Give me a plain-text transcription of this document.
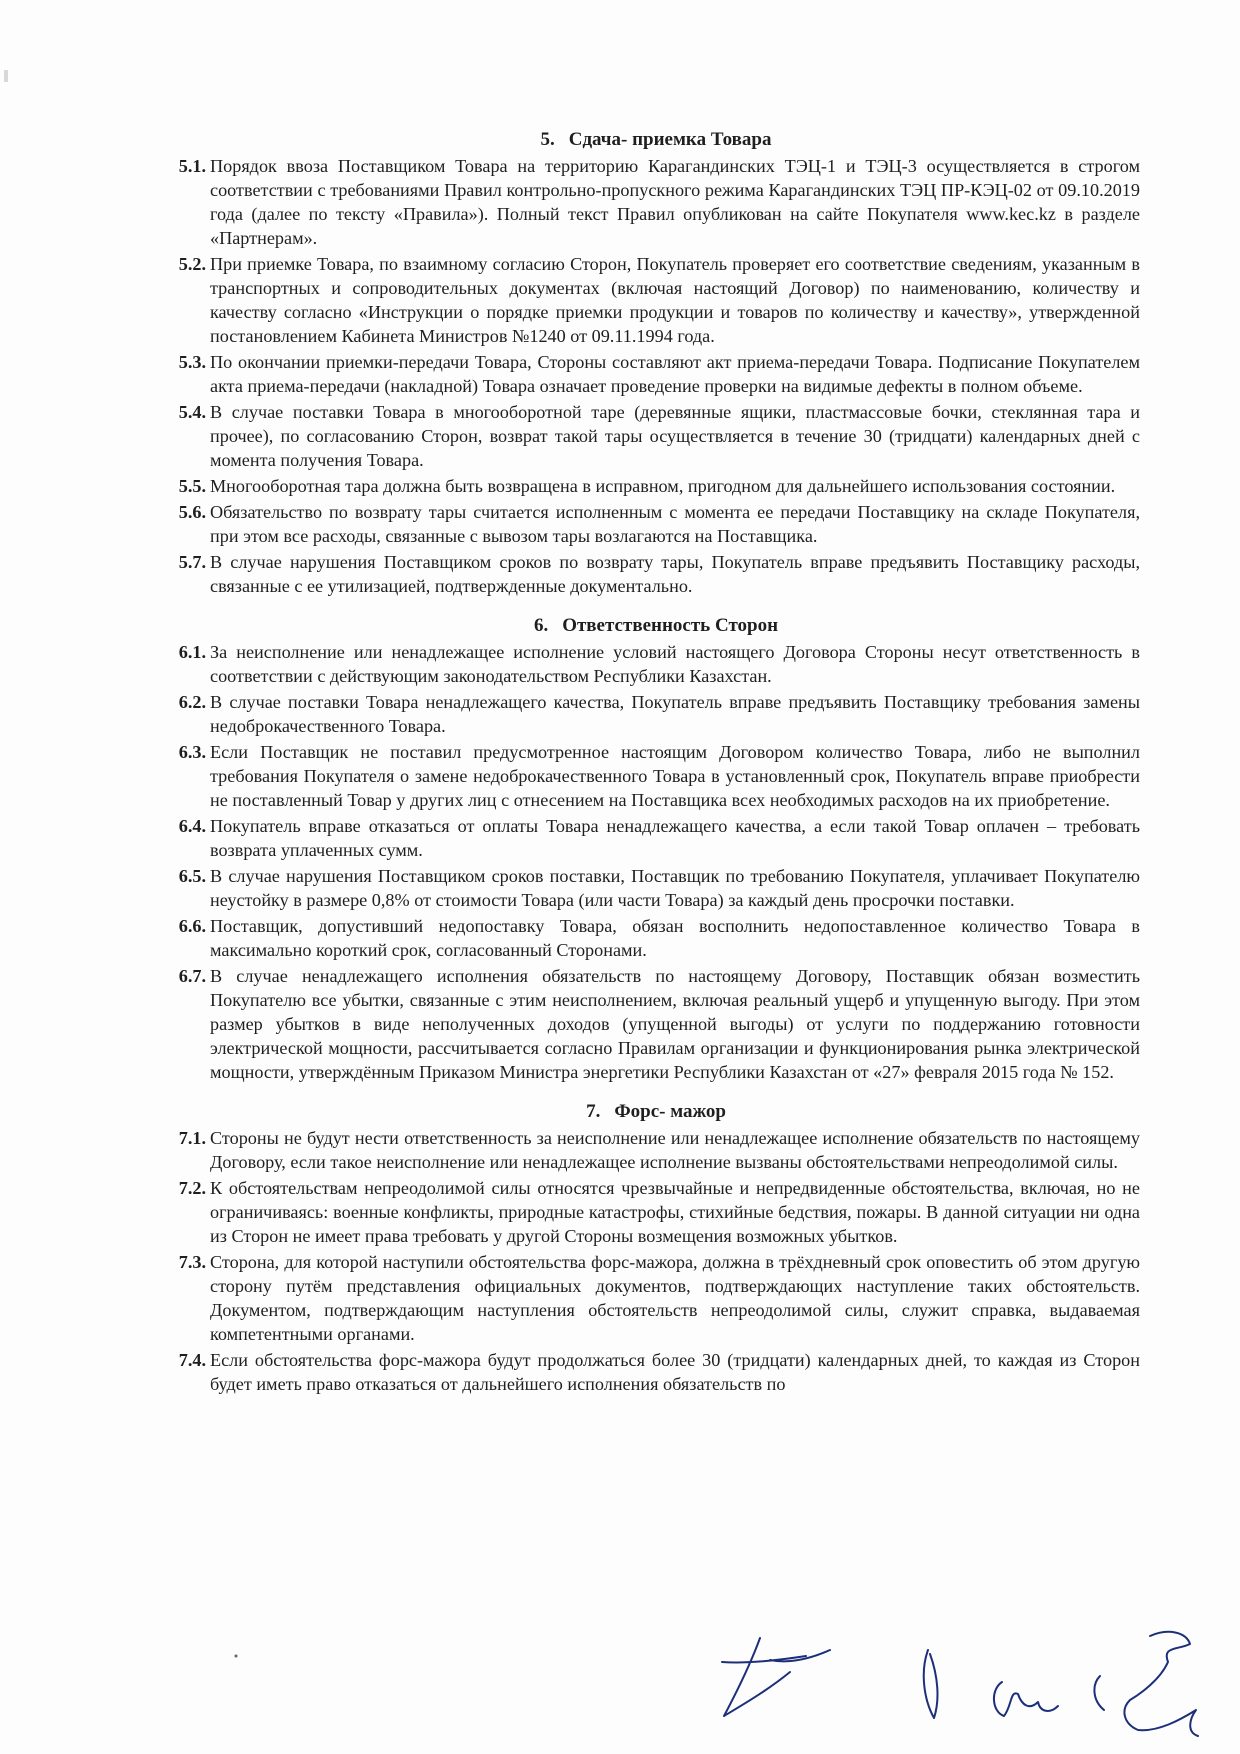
5. Сдача- приемка Товара
5.1. Порядок ввоза Поставщиком Товара на территорию Карагандинских ТЭЦ-1 и ТЭЦ-3 осуществляется в строгом соответствии с требованиями Правил контрольно-пропускного режима Карагандинских ТЭЦ ПР-КЭЦ-02 от 09.10.2019 года (далее по тексту «Правила»). Полный текст Правил опубликован на сайте Покупателя www.kec.kz в разделе «Партнерам».
5.2. При приемке Товара, по взаимному согласию Сторон, Покупатель проверяет его соответствие сведениям, указанным в транспортных и сопроводительных документах (включая настоящий Договор) по наименованию, количеству и качеству согласно «Инструкции о порядке приемки продукции и товаров по количеству и качеству», утвержденной постановлением Кабинета Министров №1240 от 09.11.1994 года.
5.3. По окончании приемки-передачи Товара, Стороны составляют акт приема-передачи Товара. Подписание Покупателем акта приема-передачи (накладной) Товара означает проведение проверки на видимые дефекты в полном объеме.
5.4. В случае поставки Товара в многооборотной таре (деревянные ящики, пластмассовые бочки, стеклянная тара и прочее), по согласованию Сторон, возврат такой тары осуществляется в течение 30 (тридцати) календарных дней с момента получения Товара.
5.5. Многооборотная тара должна быть возвращена в исправном, пригодном для дальнейшего использования состоянии.
5.6. Обязательство по возврату тары считается исполненным с момента ее передачи Поставщику на складе Покупателя, при этом все расходы, связанные с вывозом тары возлагаются на Поставщика.
5.7. В случае нарушения Поставщиком сроков по возврату тары, Покупатель вправе предъявить Поставщику расходы, связанные с ее утилизацией, подтвержденные документально.
6. Ответственность Сторон
6.1. За неисполнение или ненадлежащее исполнение условий настоящего Договора Стороны несут ответственность в соответствии с действующим законодательством Республики Казахстан.
6.2. В случае поставки Товара ненадлежащего качества, Покупатель вправе предъявить Поставщику требования замены недоброкачественного Товара.
6.3. Если Поставщик не поставил предусмотренное настоящим Договором количество Товара, либо не выполнил требования Покупателя о замене недоброкачественного Товара в установленный срок, Покупатель вправе приобрести не поставленный Товар у других лиц с отнесением на Поставщика всех необходимых расходов на их приобретение.
6.4. Покупатель вправе отказаться от оплаты Товара ненадлежащего качества, а если такой Товар оплачен – требовать возврата уплаченных сумм.
6.5. В случае нарушения Поставщиком сроков поставки, Поставщик по требованию Покупателя, уплачивает Покупателю неустойку в размере 0,8% от стоимости Товара (или части Товара) за каждый день просрочки поставки.
6.6. Поставщик, допустивший недопоставку Товара, обязан восполнить недопоставленное количество Товара в максимально короткий срок, согласованный Сторонами.
6.7. В случае ненадлежащего исполнения обязательств по настоящему Договору, Поставщик обязан возместить Покупателю все убытки, связанные с этим неисполнением, включая реальный ущерб и упущенную выгоду. При этом размер убытков в виде неполученных доходов (упущенной выгоды) от услуги по поддержанию готовности электрической мощности, рассчитывается согласно Правилам организации и функционирования рынка электрической мощности, утверждённым Приказом Министра энергетики Республики Казахстан от «27» февраля 2015 года № 152.
7. Форс- мажор
7.1. Стороны не будут нести ответственность за неисполнение или ненадлежащее исполнение обязательств по настоящему Договору, если такое неисполнение или ненадлежащее исполнение вызваны обстоятельствами непреодолимой силы.
7.2. К обстоятельствам непреодолимой силы относятся чрезвычайные и непредвиденные обстоятельства, включая, но не ограничиваясь: военные конфликты, природные катастрофы, стихийные бедствия, пожары. В данной ситуации ни одна из Сторон не имеет права требовать у другой Стороны возмещения возможных убытков.
7.3. Сторона, для которой наступили обстоятельства форс-мажора, должна в трёхдневный срок оповестить об этом другую сторону путём представления официальных документов, подтверждающих наступление таких обстоятельств. Документом, подтверждающим наступления обстоятельств непреодолимой силы, служит справка, выдаваемая компетентными органами.
7.4. Если обстоятельства форс-мажора будут продолжаться более 30 (тридцати) календарных дней, то каждая из Сторон будет иметь право отказаться от дальнейшего исполнения обязательств по
